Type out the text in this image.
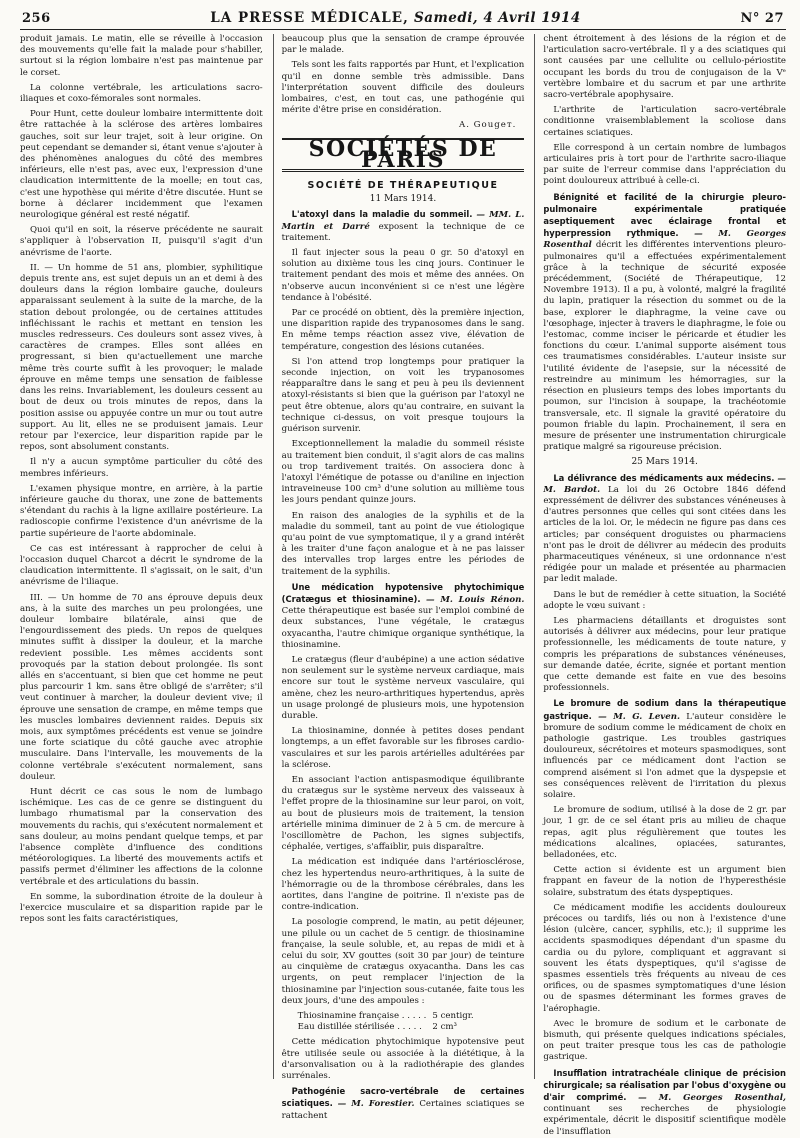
256	LA PRESSE MÉDICALE, Samedi, 4 Avril 1914	N° 27

produit jamais. Le matin, elle se réveille à l'occasion des mouvements qu'elle fait la malade pour s'habiller, surtout si la région lombaire n'est pas maintenue par le corset.

La colonne vertébrale, les articulations sacro-iliaques et coxo-fémorales sont normales.

Pour Hunt, cette douleur lombaire intermittente doit être rattachée à la sclérose des artères lombaires gauches, soit sur leur trajet, soit à leur origine. On peut cependant se demander si, étant venue s'ajouter à des phénomènes analogues du côté des membres inférieurs, elle n'est pas, avec eux, l'expression d'une claudication intermittente de la moelle; en tout cas, c'est une hypothèse qui mérite d'être discutée. Hunt se borne à déclarer incidemment que l'examen neurologique général est resté négatif.

Quoi qu'il en soit, la réserve précédente ne saurait s'appliquer à l'observation II, puisqu'il s'agit d'un anévrisme de l'aorte.

II. — Un homme de 51 ans, plombier, syphilitique depuis trente ans, est sujet depuis un an et demi à des douleurs dans la région lombaire gauche, douleurs apparaissant seulement à la suite de la marche, de la station debout prolongée, ou de certaines attitudes infléchissant le rachis et mettant en tension les muscles redresseurs. Ces douleurs sont assez vives, à caractères de crampes. Elles sont allées en progressant, si bien qu'actuellement une marche même très courte suffit à les provoquer; le malade éprouve en même temps une sensation de faiblesse dans les reins. Invariablement, les douleurs cessent au bout de deux ou trois minutes de repos, dans la position assise ou appuyée contre un mur ou tout autre support. Au lit, elles ne se produisent jamais. Leur retour par l'exercice, leur disparition rapide par le repos, sont absolument constants.

Il n'y a aucun symptôme particulier du côté des membres inférieurs.

L'examen physique montre, en arrière, à la partie inférieure gauche du thorax, une zone de battements s'étendant du rachis à la ligne axillaire postérieure. La radioscopie confirme l'existence d'un anévrisme de la partie supérieure de l'aorte abdominale.

Ce cas est intéressant à rapprocher de celui à l'occasion duquel Charcot a décrit le syndrome de la claudication intermittente. Il s'agissait, on le sait, d'un anévrisme de l'iliaque.

III. — Un homme de 70 ans éprouve depuis deux ans, à la suite des marches un peu prolongées, une douleur lombaire bilatérale, ainsi que de l'engourdissement des pieds. Un repos de quelques minutes suffit à dissiper la douleur, et la marche redevient possible. Les mêmes accidents sont provoqués par la station debout prolongée. Ils sont allés en s'accentuant, si bien que cet homme ne peut plus parcourir 1 km. sans être obligé de s'arrêter; s'il veut continuer à marcher, la douleur devient vive; il éprouve une sensation de crampe, en même temps que les muscles lombaires deviennent raides. Depuis six mois, aux symptômes précédents est venue se joindre une forte sciatique du côté gauche avec atrophie musculaire. Dans l'intervalle, les mouvements de la colonne vertébrale s'exécutent normalement, sans douleur.

Hunt décrit ce cas sous le nom de lumbago ischémique. Les cas de ce genre se distinguent du lumbago rhumatismal par la conservation des mouvements du rachis, qui s'exécutent normalement et sans douleur, au moins pendant quelque temps, et par l'absence complète d'influence des conditions météorologiques. La liberté des mouvements actifs et passifs permet d'éliminer les affections de la colonne vertébrale et des articulations du bassin.

En somme, la subordination étroite de la douleur à l'exercice musculaire et sa disparition rapide par le repos sont les faits caractéristiques,

beaucoup plus que la sensation de crampe éprouvée par le malade.

Tels sont les faits rapportés par Hunt, et l'explication qu'il en donne semble très admissible. Dans l'interprétation souvent difficile des douleurs lombaires, c'est, en tout cas, une pathogénie qui mérite d'être prise en considération.

A. Gougeт.
SOCIÉTÉS DE PARIS
SOCIÉTÉ DE THÉRAPEUTIQUE
11 Mars 1914.

L'atoxyl dans la maladie du sommeil. — MM. L. Martin et Darré exposent la technique de ce traitement.

Il faut injecter sous la peau 0 gr. 50 d'atoxyl en solution au dixième tous les cinq jours. Continuer le traitement pendant des mois et même des années. On n'observe aucun inconvénient si ce n'est une légère tendance à l'obésité.

Par ce procédé on obtient, dès la première injection, une disparition rapide des trypanosomes dans le sang. En même temps réaction assez vive, élévation de température, congestion des lésions cutanées.

Si l'on attend trop longtemps pour pratiquer la seconde injection, on voit les trypanosomes réapparaître dans le sang et peu à peu ils deviennent atoxyl-résistants si bien que la guérison par l'atoxyl ne peut être obtenue, alors qu'au contraire, en suivant la technique ci-dessus, on voit presque toujours la guérison survenir.

Exceptionnellement la maladie du sommeil résiste au traitement bien conduit, il s'agit alors de cas malins ou trop tardivement traités. On associera donc à l'atoxyl l'émétique de potasse ou d'aniline en injection intraveineuse 100 cm³ d'une solution au millième tous les jours pendant quinze jours.

En raison des analogies de la syphilis et de la maladie du sommeil, tant au point de vue étiologique qu'au point de vue symptomatique, il y a grand intérêt à les traiter d'une façon analogue et à ne pas laisser des intervalles trop larges entre les périodes de traitement de la syphilis.

Une médication hypotensive phytochimique (Cratægus et thiosinamine). — M. Louis Rénon. Cette thérapeutique est basée sur l'emploi combiné de deux substances, l'une végétale, le cratægus oxyacantha, l'autre chimique organique synthétique, la thiosinamine.

Le cratægus (fleur d'aubépine) a une action sédative non seulement sur le système nerveux cardiaque, mais encore sur tout le système nerveux vasculaire, qui amène, chez les neuro-arthritiques hypertendus, après un usage prolongé de plusieurs mois, une hypotension durable.

La thiosinamine, donnée à petites doses pendant longtemps, a un effet favorable sur les fibroses cardio-vasculaires et sur les parois artérielles adultérées par la sclérose.

En associant l'action antispasmodique équilibrante du cratægus sur le système nerveux des vaisseaux à l'effet propre de la thiosinamine sur leur paroi, on voit, au bout de plusieurs mois de traitement, la tension artérielle minima diminuer de 2 à 5 cm. de mercure à l'oscillomètre de Pachon, les signes subjectifs, céphalée, vertiges, s'affaiblir, puis disparaître.

La médication est indiquée dans l'artériosclérose, chez les hypertendus neuro-arthritiques, à la suite de l'hémorragie ou de la thrombose cérébrales, dans les aortites, dans l'angine de poitrine. Il n'existe pas de contre-indication.

La posologie comprend, le matin, au petit déjeuner, une pilule ou un cachet de 5 centigr. de thiosinamine française, la seule soluble, et, au repas de midi et à celui du soir, XV gouttes (soit 30 par jour) de teinture au cinquième de cratægus oxyacantha. Dans les cas urgents, on peut remplacer l'injection de la thiosinamine par l'injection sous-cutanée, faite tous les deux jours, d'une des ampoules :

Thiosinamine française . . . . .	5 centigr.
Eau distillée stérilisée . . . . .	2 cm³

Cette médication phytochimique hypotensive peut être utilisée seule ou associée à la diététique, à la d'arsonvalisation ou à la radiothérapie des glandes surrénales.

Pathogénie sacro-vertébrale de certaines sciatiques. — M. Forestier. Certaines sciatiques se rattachent

chent étroitement à des lésions de la région et de l'articulation sacro-vertébrale. Il y a des sciatiques qui sont causées par une cellulite ou cellulo-périostite occupant les bords du trou de conjugaison de la Vᵉ vertèbre lombaire et du sacrum et par une arthrite sacro-vertébrale apophysaire.

L'arthrite de l'articulation sacro-vertébrale conditionne vraisemblablement la scoliose dans certaines sciatiques.

Elle correspond à un certain nombre de lumbagos articulaires pris à tort pour de l'arthrite sacro-iliaque par suite de l'erreur commise dans l'appréciation du point douloureux attribué à celle-ci.

Bénignité et facilité de la chirurgie pleuro-pulmonaire expérimentale pratiquée aseptiquement avec éclairage frontal et hyperpression rythmique. — M. Georges Rosenthal décrit les différentes interventions pleuro-pulmonaires qu'il a effectuées expérimentalement grâce à la technique de sécurité exposée précédemment, (Société de Thérapeutique, 12 Novembre 1913). Il a pu, à volonté, malgré la fragilité du lapin, pratiquer la résection du sommet ou de la base, explorer le diaphragme, la veine cave ou l'œsophage, injecter à travers le diaphragme, le foie ou l'estomac, comme inciser le péricarde et étudier les fonctions du cœur. L'animal supporte aisément tous ces traumatismes considérables. L'auteur insiste sur l'utilité évidente de l'asepsie, sur la nécessité de restreindre au minimum les hémorragies, sur la résection en plusieurs temps des lobes importants du poumon, sur l'incision à soupape, la trachéotomie transversale, etc. Il signale la gravité opératoire du poumon friable du lapin. Prochainement, il sera en mesure de présenter une instrumentation chirurgicale pratique malgré sa rigoureuse précision.

25 Mars 1914.

La délivrance des médicaments aux médecins. — M. Bardot. La loi du 26 Octobre 1846 défend expressément de délivrer des substances vénéneuses à d'autres personnes que celles qui sont citées dans les articles de la loi. Or, le médecin ne figure pas dans ces articles; par conséquent droguistes ou pharmaciens n'ont pas le droit de délivrer au médecin des produits pharmaceutiques vénéneux, si une ordonnance n'est rédigée pour un malade et présentée au pharmacien par ledit malade.

Dans le but de remédier à cette situation, la Société adopte le vœu suivant :

Les pharmaciens détaillants et droguistes sont autorisés à délivrer aux médecins, pour leur pratique professionnelle, les médicaments de toute nature, y compris les préparations de substances vénéneuses, sur demande datée, écrite, signée et portant mention que cette demande est faite en vue des besoins professionnels.

Le bromure de sodium dans la thérapeutique gastrique. — M. G. Leven. L'auteur considère le bromure de sodium comme le médicament de choix en pathologie gastrique. Les troubles gastriques douloureux, sécrétoires et moteurs spasmodiques, sont influencés par ce médicament dont l'action se comprend aisément si l'on admet que la dyspepsie et ses conséquences relèvent de l'irritation du plexus solaire.

Le bromure de sodium, utilisé à la dose de 2 gr. par jour, 1 gr. de ce sel étant pris au milieu de chaque repas, agit plus régulièrement que toutes les médications alcalines, opiacées, saturantes, belladonées, etc.

Cette action si évidente est un argument bien frappant en faveur de la notion de l'hyperesthésie solaire, substratum des états dyspeptiques.

Ce médicament modifie les accidents douloureux précoces ou tardifs, liés ou non à l'existence d'une lésion (ulcère, cancer, syphilis, etc.); il supprime les accidents spasmodiques dépendant d'un spasme du cardia ou du pylore, compliquant et aggravant si souvent les états dyspeptiques, qu'il s'agisse de spasmes essentiels très fréquents au niveau de ces orifices, ou de spasmes symptomatiques d'une lésion ou de spasmes déterminant les formes graves de l'aérophagie.

Avec le bromure de sodium et le carbonate de bismuth, qui présente quelques indications spéciales, on peut traiter presque tous les cas de pathologie gastrique.

Insufflation intratrachéale clinique de précision chirurgicale; sa réalisation par l'obus d'oxygène ou d'air comprimé. — M. Georges Rosenthal, continuant ses recherches de physiologie expérimentale, décrit le dispositif scientifique modèle de l'insufflation
